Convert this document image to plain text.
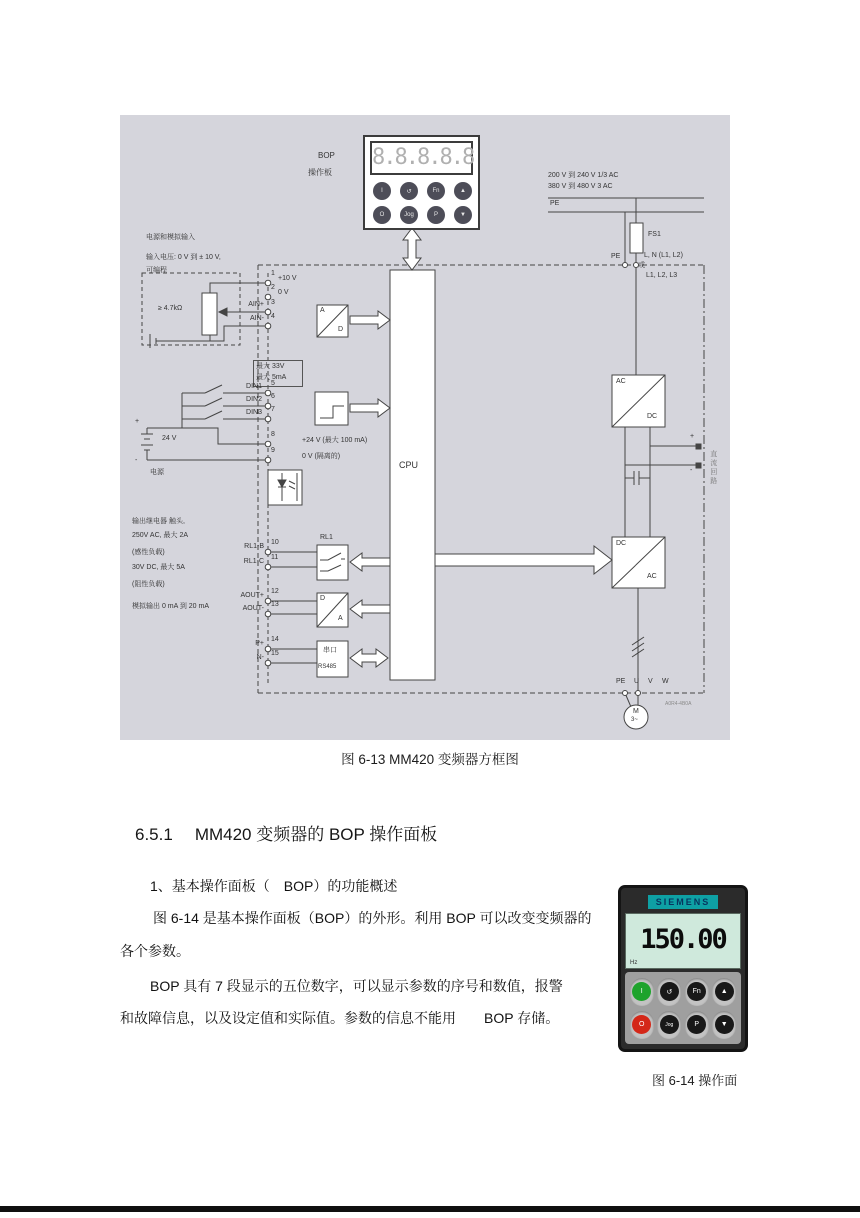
8.8.8.8.8
I	↺	Fn	▲
O	Jog	P	▼
BOP
操作板	200 V 到 240 V 1/3 AC
380 V 到 480 V 3 AC
PE
FS1
PE	L, N (L1, L2)
或
L1, L2, L3
电源和模拟输入
输入电压: 0 V 到 ± 10 V,
可编程
≥ 4.7kΩ
+10 V
0 V
AIN+
AIN-
最大 33V
最大 5mA
DIN1
DIN2
DIN3
+
24 V
-
电源
+24 V (最大 100 mA)
0 V (隔离的)
输出继电器 触头,
250V AC, 最大 2A
(感性负载)
30V DC, 最大 5A
(阻性负载)
RL1-B
RL1-C
RL1
模拟输出 0 mA 到 20 mA
AOUT+
AOUT-
P+
N-
串口
RS485
CPU
A
D
D
A
AC
DC
DC
AC
直流回路
+
-
PE U V W
M
3~
A0R4-4B0A
1
2
3
4
5
6
7
8
9
10
11
12
13
14
15
图 6-13 MM420 变频器方框图
6.5.1 MM420 变频器的 BOP 操作面板
1、基本操作面板（　BOP）的功能概述
图 6-14 是基本操作面板（BOP）的外形。利用 BOP 可以改变变频器的
各个参数。
BOP 具有 7 段显示的五位数字，可以显示参数的序号和数值，报警
和故障信息，以及设定值和实际值。参数的信息不能用　　BOP 存储。
SIEMENS
150.00
Hz
I	↺	Fn	▲
O	Jog	P	▼
图 6-14 操作面
